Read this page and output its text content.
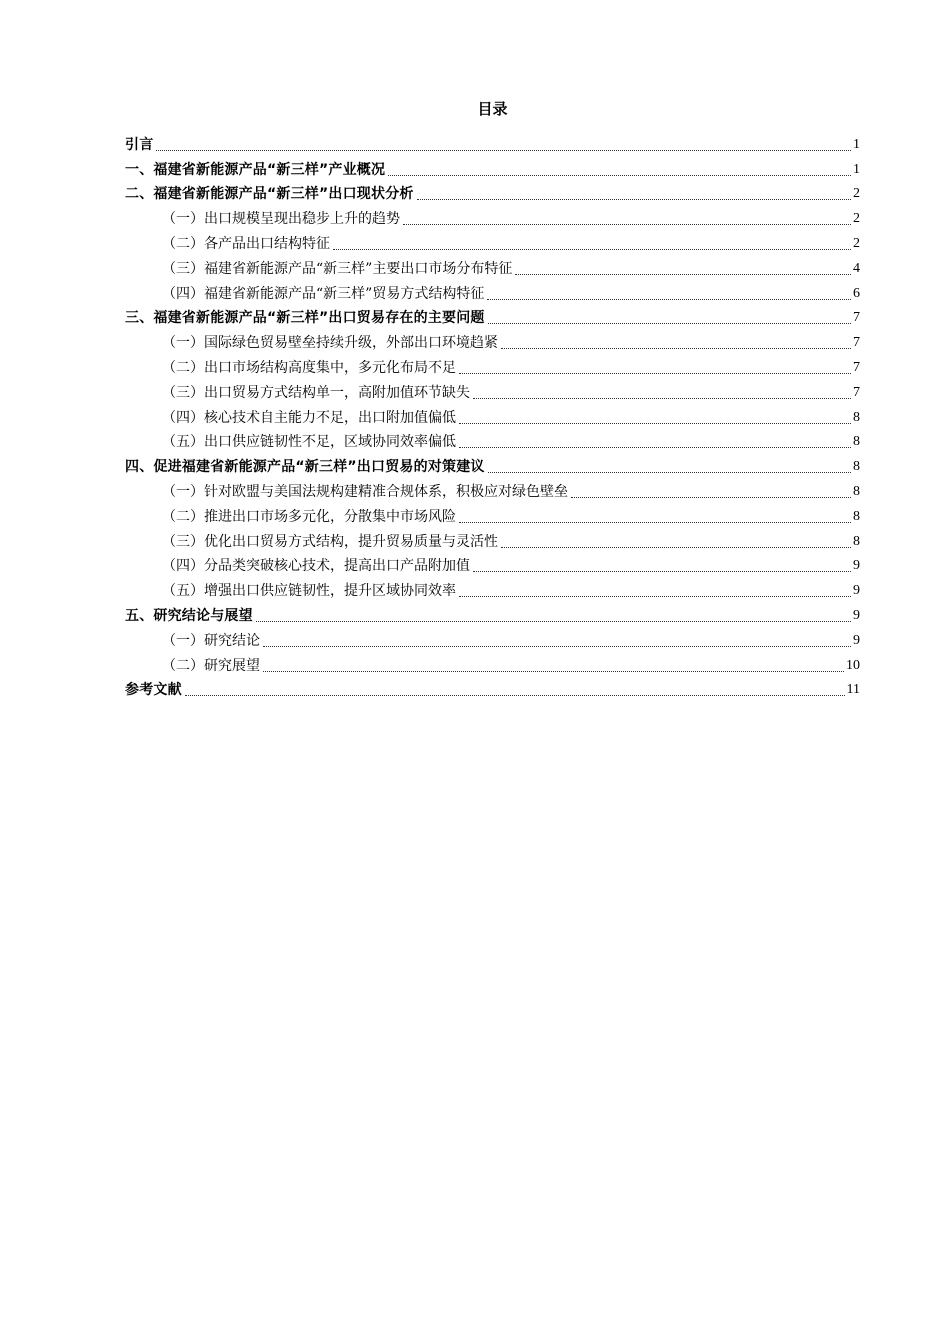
目录
引言	1
一、福建省新能源产品“新三样”产业概况	1
二、福建省新能源产品“新三样”出口现状分析	2
（一）出口规模呈现出稳步上升的趋势	2
（二）各产品出口结构特征	2
（三）福建省新能源产品“新三样”主要出口市场分布特征	4
（四）福建省新能源产品“新三样”贸易方式结构特征	6
三、福建省新能源产品“新三样”出口贸易存在的主要问题	7
（一）国际绿色贸易壁垒持续升级，外部出口环境趋紧	7
（二）出口市场结构高度集中，多元化布局不足	7
（三）出口贸易方式结构单一，高附加值环节缺失	7
（四）核心技术自主能力不足，出口附加值偏低	8
（五）出口供应链韧性不足，区域协同效率偏低	8
四、促进福建省新能源产品“新三样”出口贸易的对策建议	8
（一）针对欧盟与美国法规构建精准合规体系，积极应对绿色壁垒	8
（二）推进出口市场多元化，分散集中市场风险	8
（三）优化出口贸易方式结构，提升贸易质量与灵活性	8
（四）分品类突破核心技术，提高出口产品附加值	9
（五）增强出口供应链韧性，提升区域协同效率	9
五、研究结论与展望	9
（一）研究结论	9
（二）研究展望	10
参考文献	11
